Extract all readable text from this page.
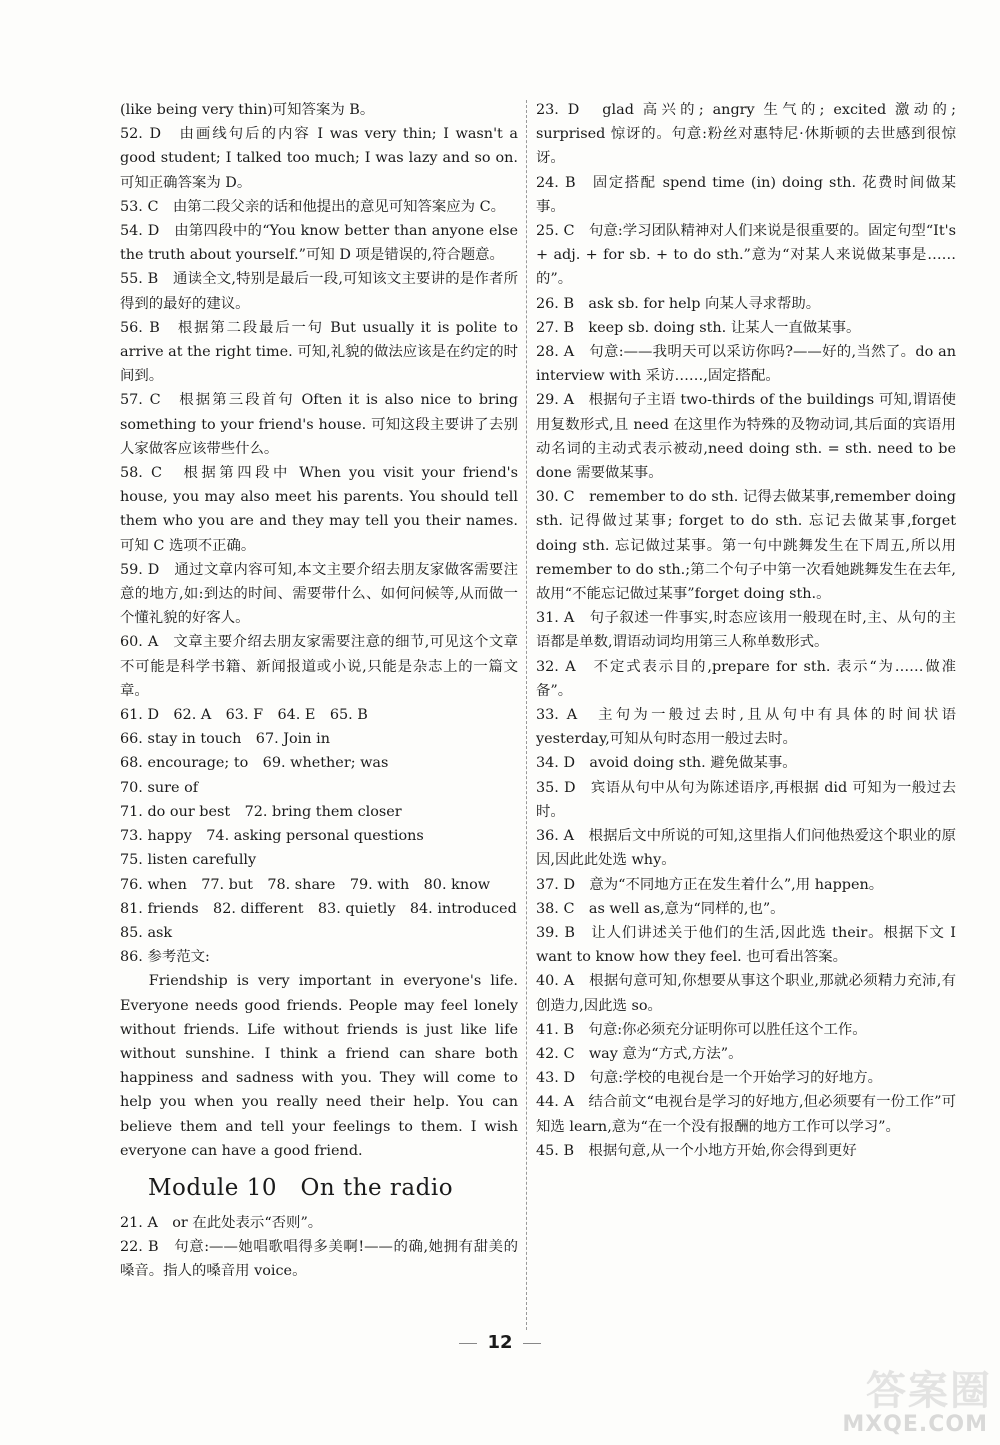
(like being very thin)可知答案为 B。
52. D　由画线句后的内容 I was very thin; I wasn't a good student; I talked too much; I was lazy and so on. 可知正确答案为 D。
53. C　由第二段父亲的话和他提出的意见可知答案应为 C。
54. D　由第四段中的“You know better than anyone else the truth about yourself.”可知 D 项是错误的,符合题意。
55. B　通读全文,特别是最后一段,可知该文主要讲的是作者所得到的最好的建议。
56. B　根据第二段最后一句 But usually it is polite to arrive at the right time. 可知,礼貌的做法应该是在约定的时间到。
57. C　根据第三段首句 Often it is also nice to bring something to your friend's house. 可知这段主要讲了去别人家做客应该带些什么。
58. C　根据第四段中 When you visit your friend's house, you may also meet his parents. You should tell them who you are and they may tell you their names. 可知 C 选项不正确。
59. D　通过文章内容可知,本文主要介绍去朋友家做客需要注意的地方,如:到达的时间、需要带什么、如何问候等,从而做一个懂礼貌的好客人。
60. A　文章主要介绍去朋友家需要注意的细节,可见这个文章不可能是科学书籍、新闻报道或小说,只能是杂志上的一篇文章。
61. D　62. A　63. F　64. E　65. B
66. stay in touch　67. Join in
68. encourage; to　69. whether; was
70. sure of
71. do our best　72. bring them closer
73. happy　74. asking personal questions
75. listen carefully
76. when　77. but　78. share　79. with　80. know
81. friends　82. different　83. quietly　84. introduced
85. ask
86. 参考范文:
Friendship is very important in everyone's life. Everyone needs good friends. People may feel lonely without friends. Life without friends is just like life without sunshine. I think a friend can share both happiness and sadness with you. They will come to help you when you really need their help. You can believe them and tell your feelings to them. I wish everyone can have a good friend.
Module 10　On the radio
21. A　or 在此处表示“否则”。
22. B　句意:——她唱歌唱得多美啊!——的确,她拥有甜美的嗓音。指人的嗓音用 voice。
23. D　glad 高兴的; angry 生气的; excited 激动的; surprised 惊讶的。句意:粉丝对惠特尼·休斯顿的去世感到很惊讶。
24. B　固定搭配 spend time (in) doing sth. 花费时间做某事。
25. C　句意:学习团队精神对人们来说是很重要的。固定句型“It's + adj. + for sb. + to do sth.”意为“对某人来说做某事是……的”。
26. B　ask sb. for help 向某人寻求帮助。
27. B　keep sb. doing sth. 让某人一直做某事。
28. A　句意:——我明天可以采访你吗?——好的,当然了。do an interview with 采访……,固定搭配。
29. A　根据句子主语 two-thirds of the buildings 可知,谓语使用复数形式,且 need 在这里作为特殊的及物动词,其后面的宾语用动名词的主动式表示被动,need doing sth. = sth. need to be done 需要做某事。
30. C　remember to do sth. 记得去做某事,remember doing sth. 记得做过某事; forget to do sth. 忘记去做某事,forget doing sth. 忘记做过某事。第一句中跳舞发生在下周五,所以用 remember to do sth.;第二个句子中第一次看她跳舞发生在去年,故用“不能忘记做过某事”forget doing sth.。
31. A　句子叙述一件事实,时态应该用一般现在时,主、从句的主语都是单数,谓语动词均用第三人称单数形式。
32. A　不定式表示目的,prepare for sth. 表示“为……做准备”。
33. A　主句为一般过去时,且从句中有具体的时间状语 yesterday,可知从句时态用一般过去时。
34. D　avoid doing sth. 避免做某事。
35. D　宾语从句中从句为陈述语序,再根据 did 可知为一般过去时。
36. A　根据后文中所说的可知,这里指人们问他热爱这个职业的原因,因此此处选 why。
37. D　意为“不同地方正在发生着什么”,用 happen。
38. C　as well as,意为“同样的,也”。
39. B　让人们讲述关于他们的生活,因此选 their。根据下文 I want to know how they feel. 也可看出答案。
40. A　根据句意可知,你想要从事这个职业,那就必须精力充沛,有创造力,因此选 so。
41. B　句意:你必须充分证明你可以胜任这个工作。
42. C　way 意为“方式,方法”。
43. D　句意:学校的电视台是一个开始学习的好地方。
44. A　结合前文“电视台是学习的好地方,但必须要有一份工作”可知选 learn,意为“在一个没有报酬的地方工作可以学习”。
45. B　根据句意,从一个小地方开始,你会得到更好
12
答案圈
MXQE.COM
